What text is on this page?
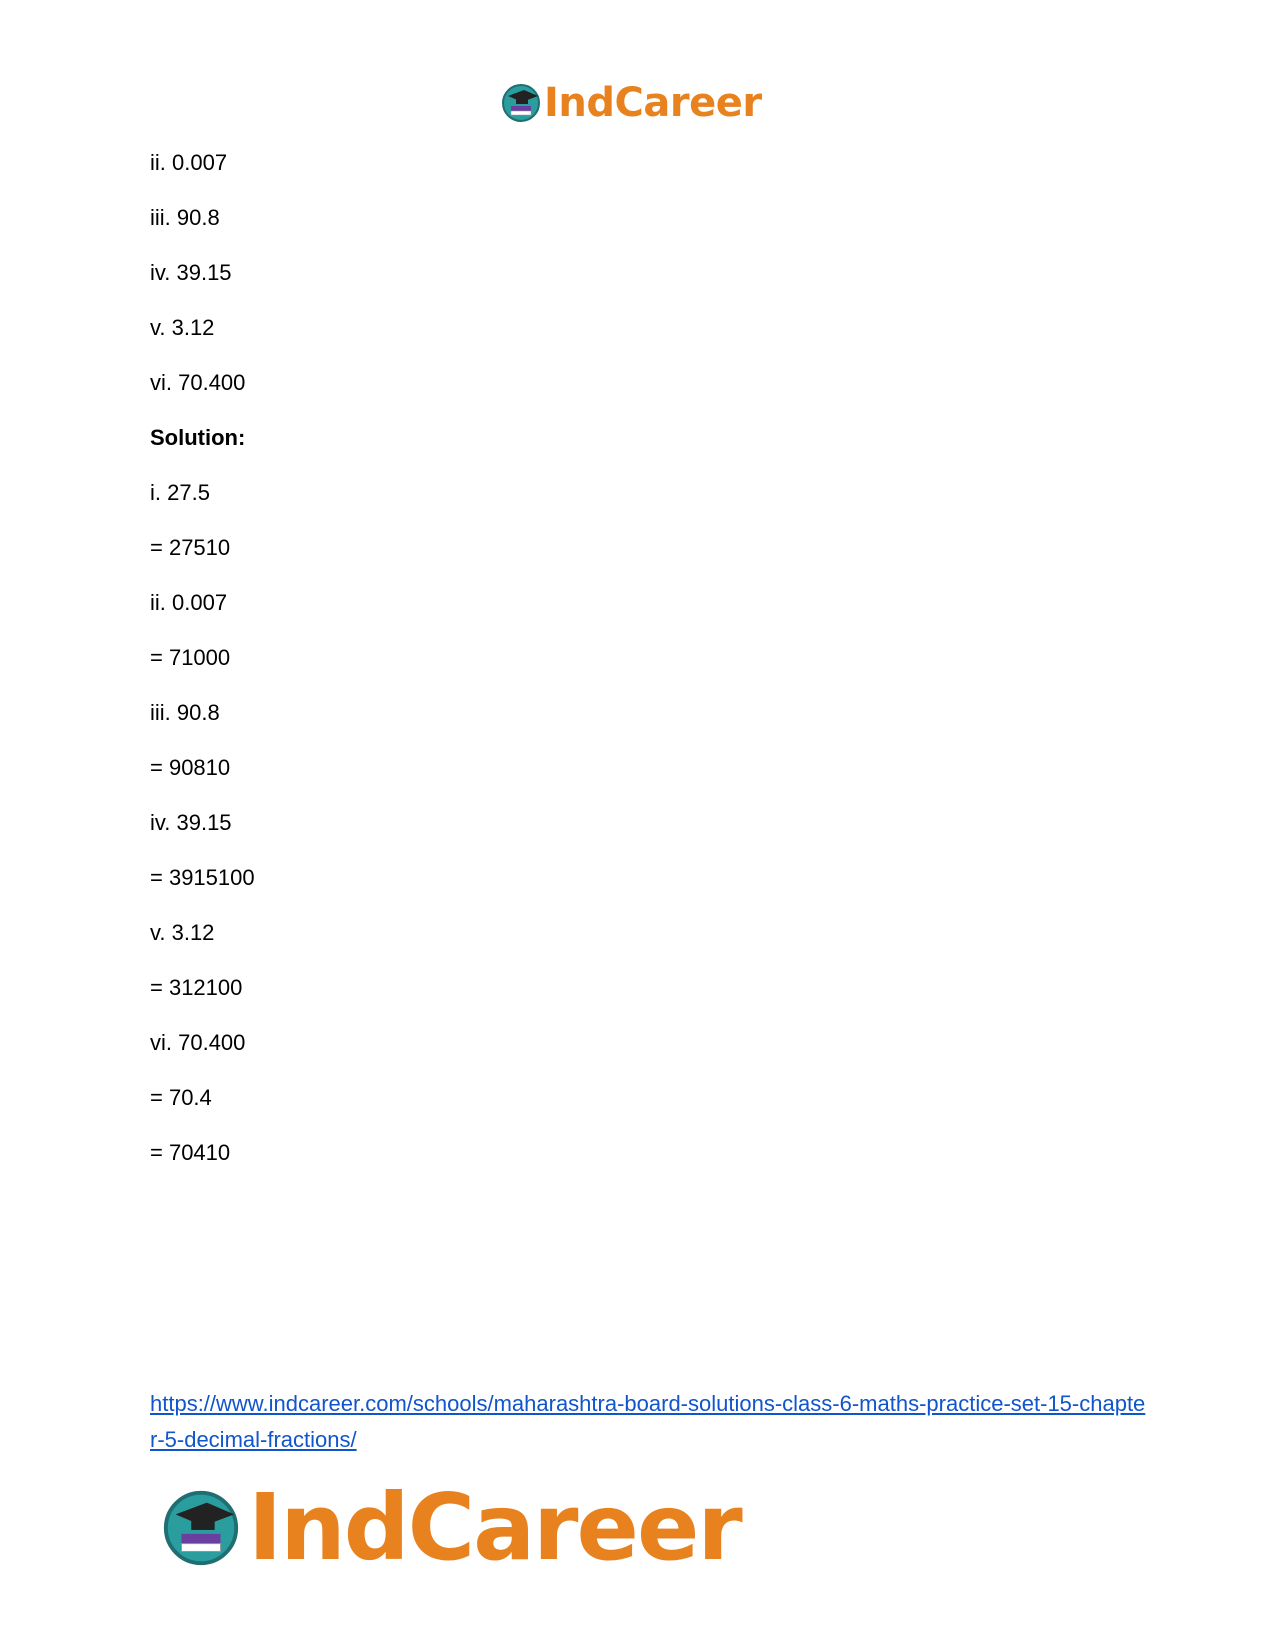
IndCareer
ii. 0.007
iii. 90.8
iv. 39.15
v. 3.12
vi. 70.400
Solution:
i. 27.5
= 27510
ii. 0.007
= 71000
iii. 90.8
= 90810
iv. 39.15
= 3915100
v. 3.12
= 312100
vi. 70.400
= 70.4
= 70410
https://www.indcareer.com/schools/maharashtra-board-solutions-class-6-maths-practice-set-15-chapter-5-decimal-fractions/
IndCareer
